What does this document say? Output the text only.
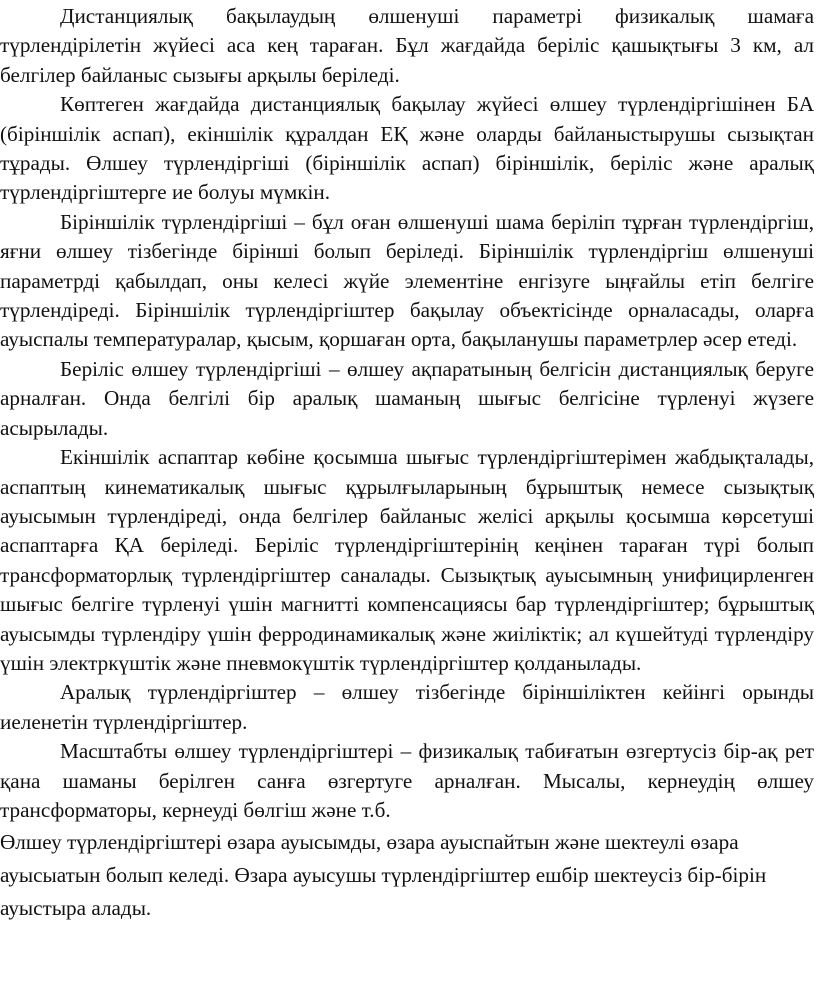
Дистанциялық бақылаудың өлшенуші параметрі физикалық шамаға түрлендірілетін жүйесі аса кең тараған. Бұл жағдайда беріліс қашықтығы 3 км, ал белгілер байланыс сызығы арқылы беріледі.

Көптеген жағдайда дистанциялық бақылау жүйесі өлшеу түрлендіргішінен БА (біріншілік аспап), екіншілік құралдан ЕҚ және оларды байланыстырушы сызықтан тұрады. Өлшеу түрлендіргіші (біріншілік аспап) біріншілік, беріліс және аралық түрлендіргіштерге ие болуы мүмкін.

Біріншілік түрлендіргіші – бұл оған өлшенуші шама беріліп тұрған түрлендіргіш, яғни өлшеу тізбегінде бірінші болып беріледі. Біріншілік түрлендіргіш өлшенуші параметрді қабылдап, оны келесі жүйе элементіне енгізуге ыңғайлы етіп белгіге түрлендіреді. Біріншілік түрлендіргіштер бақылау объектісінде орналасады, оларға ауыспалы температуралар, қысым, қоршаған орта, бақыланушы параметрлер әсер етеді.

Беріліс өлшеу түрлендіргіші – өлшеу ақпаратының белгісін дистанциялық беруге арналған. Онда белгілі бір аралық шаманың шығыс белгісіне түрленуі жүзеге асырылады.

Екіншілік аспаптар көбіне қосымша шығыс түрлендіргіштерімен жабдықталады, аспаптың кинематикалық шығыс құрылғыларының бұрыштық немесе сызықтық ауысымын түрлендіреді, онда белгілер байланыс желісі арқылы қосымша көрсетуші аспаптарға ҚА беріледі. Беріліс түрлендіргіштерінің кеңінен тараған түрі болып трансформаторлық түрлендіргіштер саналады. Сызықтық ауысымның унифицирленген шығыс белгіге түрленуі үшін магнитті компенсациясы бар түрлендіргіштер; бұрыштық ауысымды түрлендіру үшін ферродинамикалық және жиіліктік; ал күшейтуді түрлендіру үшін электркүштік және пневмокүштік түрлендіргіштер қолданылады.

Аралық түрлендіргіштер – өлшеу тізбегінде біріншіліктен кейінгі орынды иеленетін түрлендіргіштер.

Масштабты өлшеу түрлендіргіштері – физикалық табиғатын өзгертусіз бір-ақ рет қана шаманы берілген санға өзгертуге арналған. Мысалы, кернеудің өлшеу трансформаторы, кернеуді бөлгіш және т.б.

Өлшеу түрлендіргіштері өзара ауысымды, өзара ауыспайтын және шектеулі өзара ауысыатын болып келеді. Өзара ауысушы түрлендіргіштер ешбір шектеусіз бір-бірін ауыстыра алады.
